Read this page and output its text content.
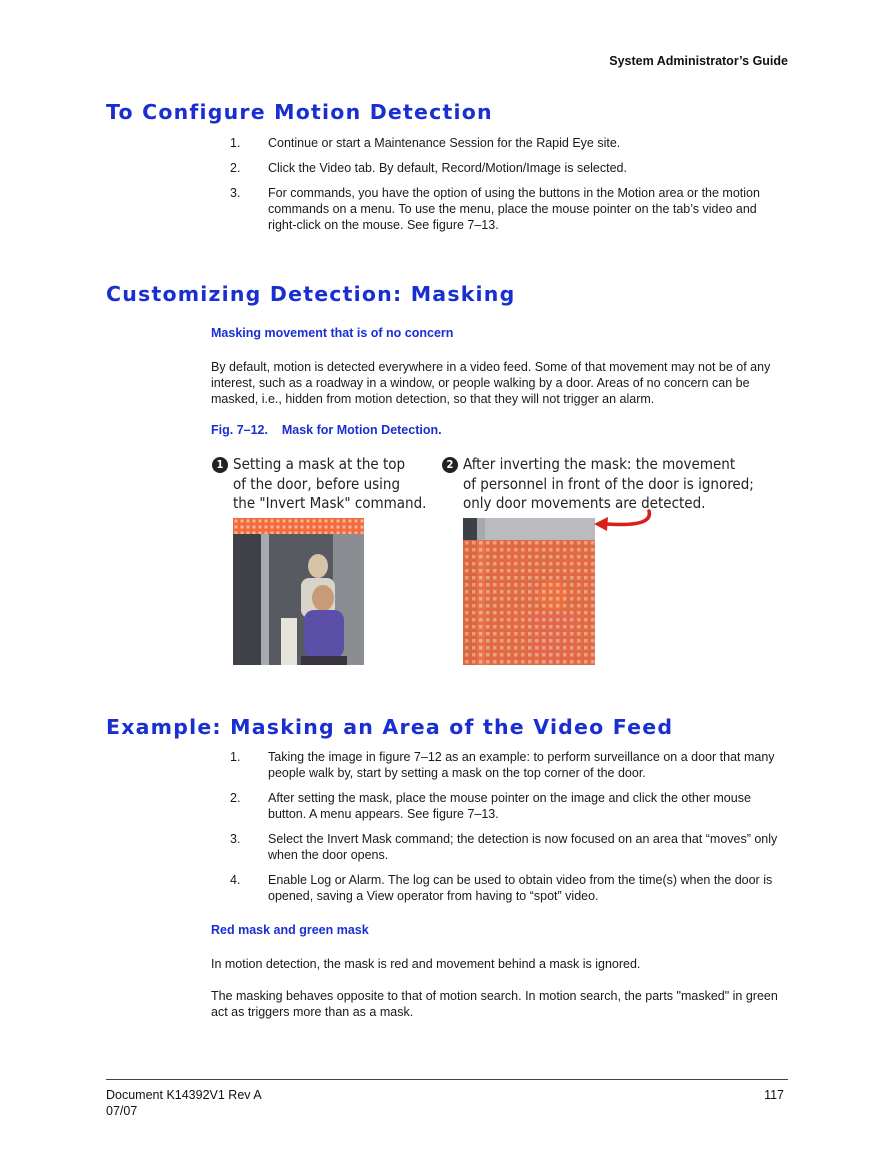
System Administrator’s Guide
To Configure Motion Detection
1. Continue or start a Maintenance Session for the Rapid Eye site.
2. Click the Video tab. By default, Record/Motion/Image is selected.
3. For commands, you have the option of using the buttons in the Motion area or the motion commands on a menu. To use the menu, place the mouse pointer on the tab’s video and right-click on the mouse. See figure 7–13.
Customizing Detection: Masking
Masking movement that is of no concern

By default, motion is detected everywhere in a video feed. Some of that movement may not be of any interest, such as a roadway in a window, or people walking by a door. Areas of no concern can be masked, i.e., hidden from motion detection, so that they will not trigger an alarm.

Fig. 7–12.    Mask for Motion Detection.
1 Setting a mask at the top
of the door, before using
the "Invert Mask" command.
2 After inverting the mask: the movement
of personnel in front of the door is ignored;
only door movements are detected.
Example: Masking an Area of the Video Feed
1. Taking the image in figure 7–12 as an example: to perform surveillance on a door that many people walk by, start by setting a mask on the top corner of the door.
2. After setting the mask, place the mouse pointer on the image and click the other mouse button. A menu appears. See figure 7–13.
3. Select the Invert Mask command; the detection is now focused on an area that “moves” only when the door opens.
4. Enable Log or Alarm. The log can be used to obtain video from the time(s) when the door is opened, saving a View operator from having to “spot” video.
Red mask and green mask

In motion detection, the mask is red and movement behind a mask is ignored.

The masking behaves opposite to that of motion search. In motion search, the parts "masked" in green act as triggers more than as a mask.

Document K14392V1 Rev A
07/07
117
